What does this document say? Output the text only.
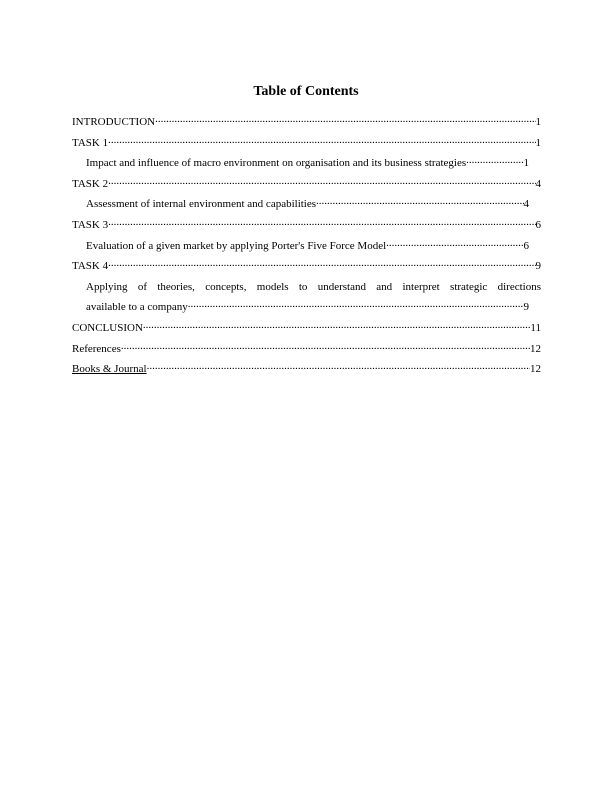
Table of Contents
INTRODUCTION .....	1
TASK 1 .....	1
Impact and influence of macro environment on organisation and its business strategies .....	1
TASK 2 .....	4
Assessment of internal environment and capabilities .....	4
TASK 3 .....	6
Evaluation of a given market by applying Porter's Five Force Model .....	6
TASK 4 .....	9
Applying of theories, concepts, models to understand and interpret strategic directions
available to a company .....	9
CONCLUSION .....	11
References .....	12
Books & Journal .....	12
